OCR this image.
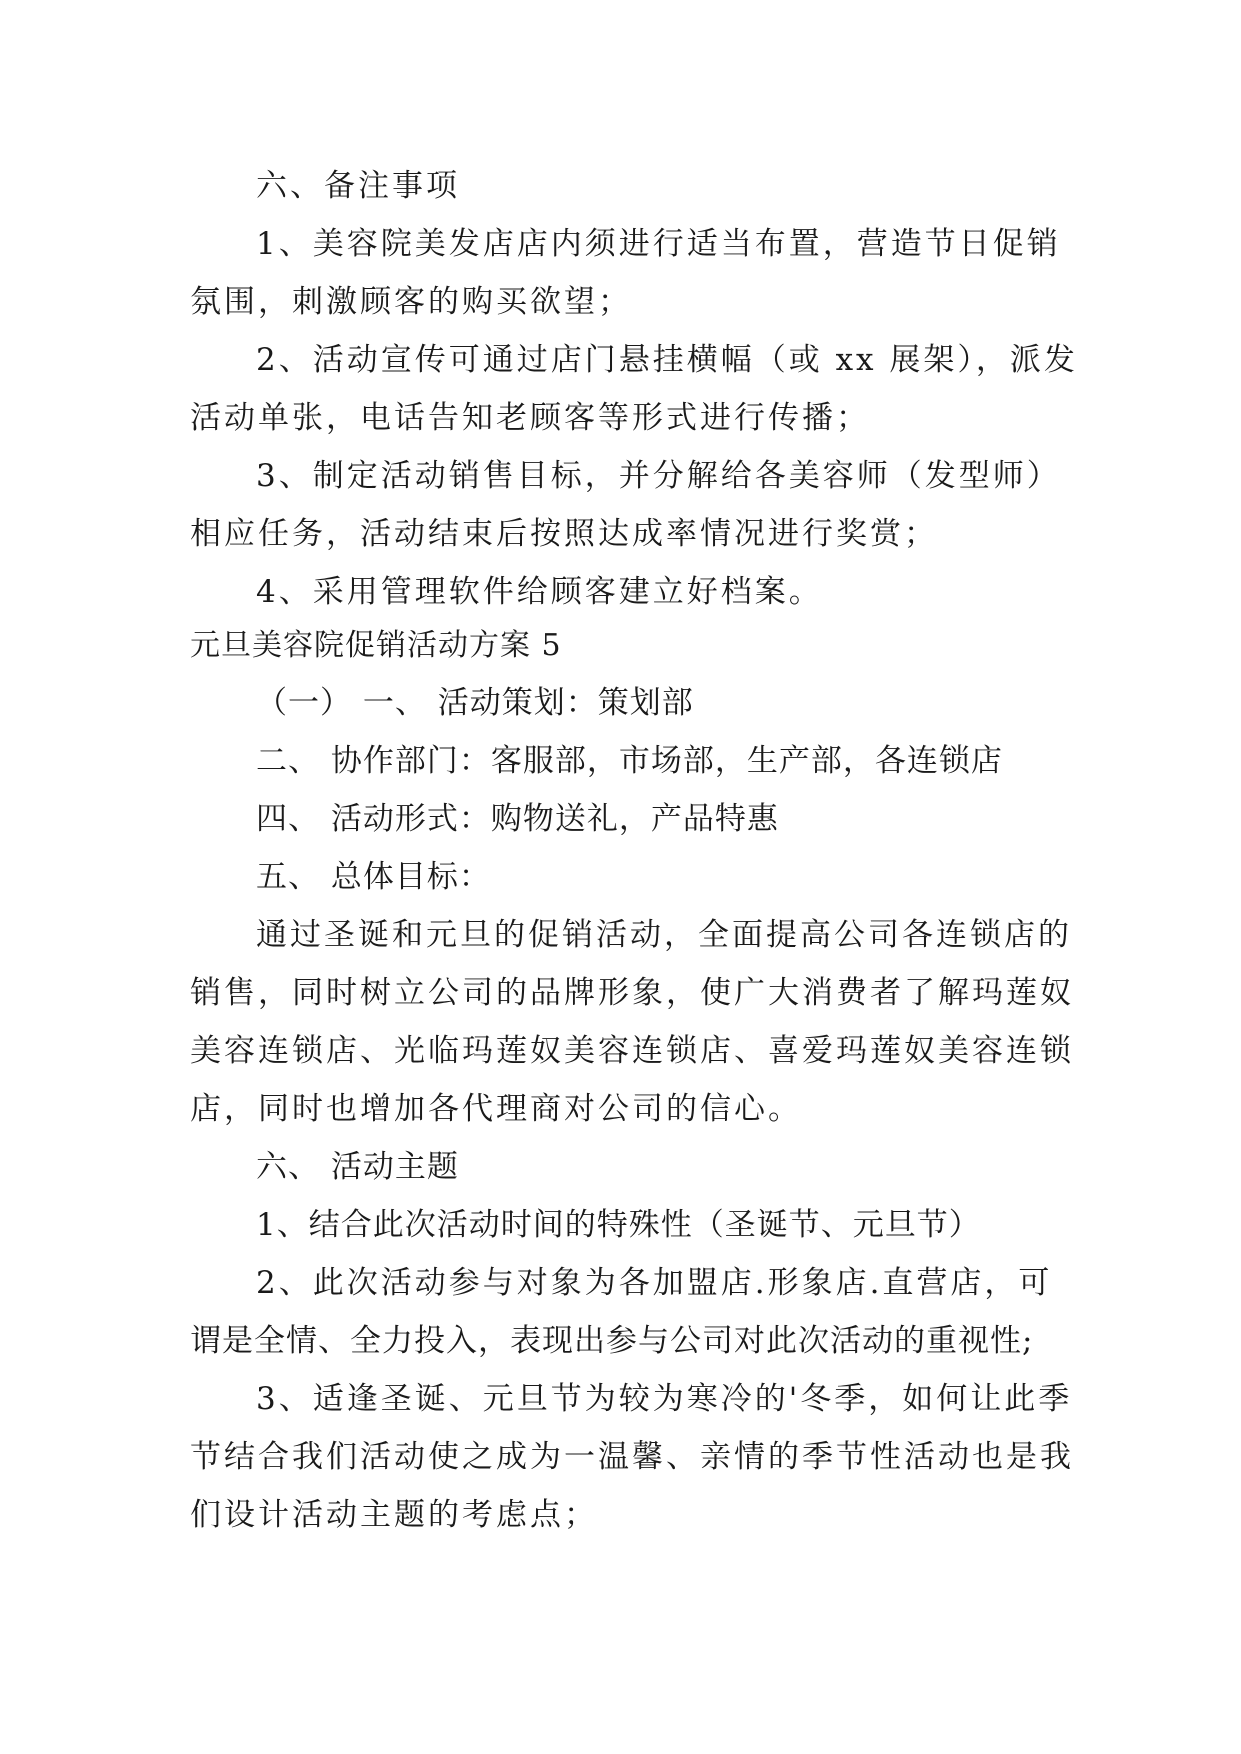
六、备注事项
1、美容院美发店店内须进行适当布置，营造节日促销
氛围，刺激顾客的购买欲望；
2、活动宣传可通过店门悬挂横幅（或 xx 展架），派发
活动单张，电话告知老顾客等形式进行传播；
3、制定活动销售目标，并分解给各美容师（发型师）
相应任务，活动结束后按照达成率情况进行奖赏；
4、采用管理软件给顾客建立好档案。
元旦美容院促销活动方案 5
（一） 一、 活动策划：策划部
二、 协作部门：客服部，市场部，生产部，各连锁店
四、 活动形式：购物送礼，产品特惠
五、 总体目标：
通过圣诞和元旦的促销活动，全面提高公司各连锁店的
销售，同时树立公司的品牌形象，使广大消费者了解玛莲奴
美容连锁店、光临玛莲奴美容连锁店、喜爱玛莲奴美容连锁
店，同时也增加各代理商对公司的信心。
六、 活动主题
1、结合此次活动时间的特殊性（圣诞节、元旦节）
2、此次活动参与对象为各加盟店.形象店.直营店，可
谓是全情、全力投入，表现出参与公司对此次活动的重视性;
3、适逢圣诞、元旦节为较为寒冷的'冬季，如何让此季
节结合我们活动使之成为一温馨、亲情的季节性活动也是我
们设计活动主题的考虑点；
